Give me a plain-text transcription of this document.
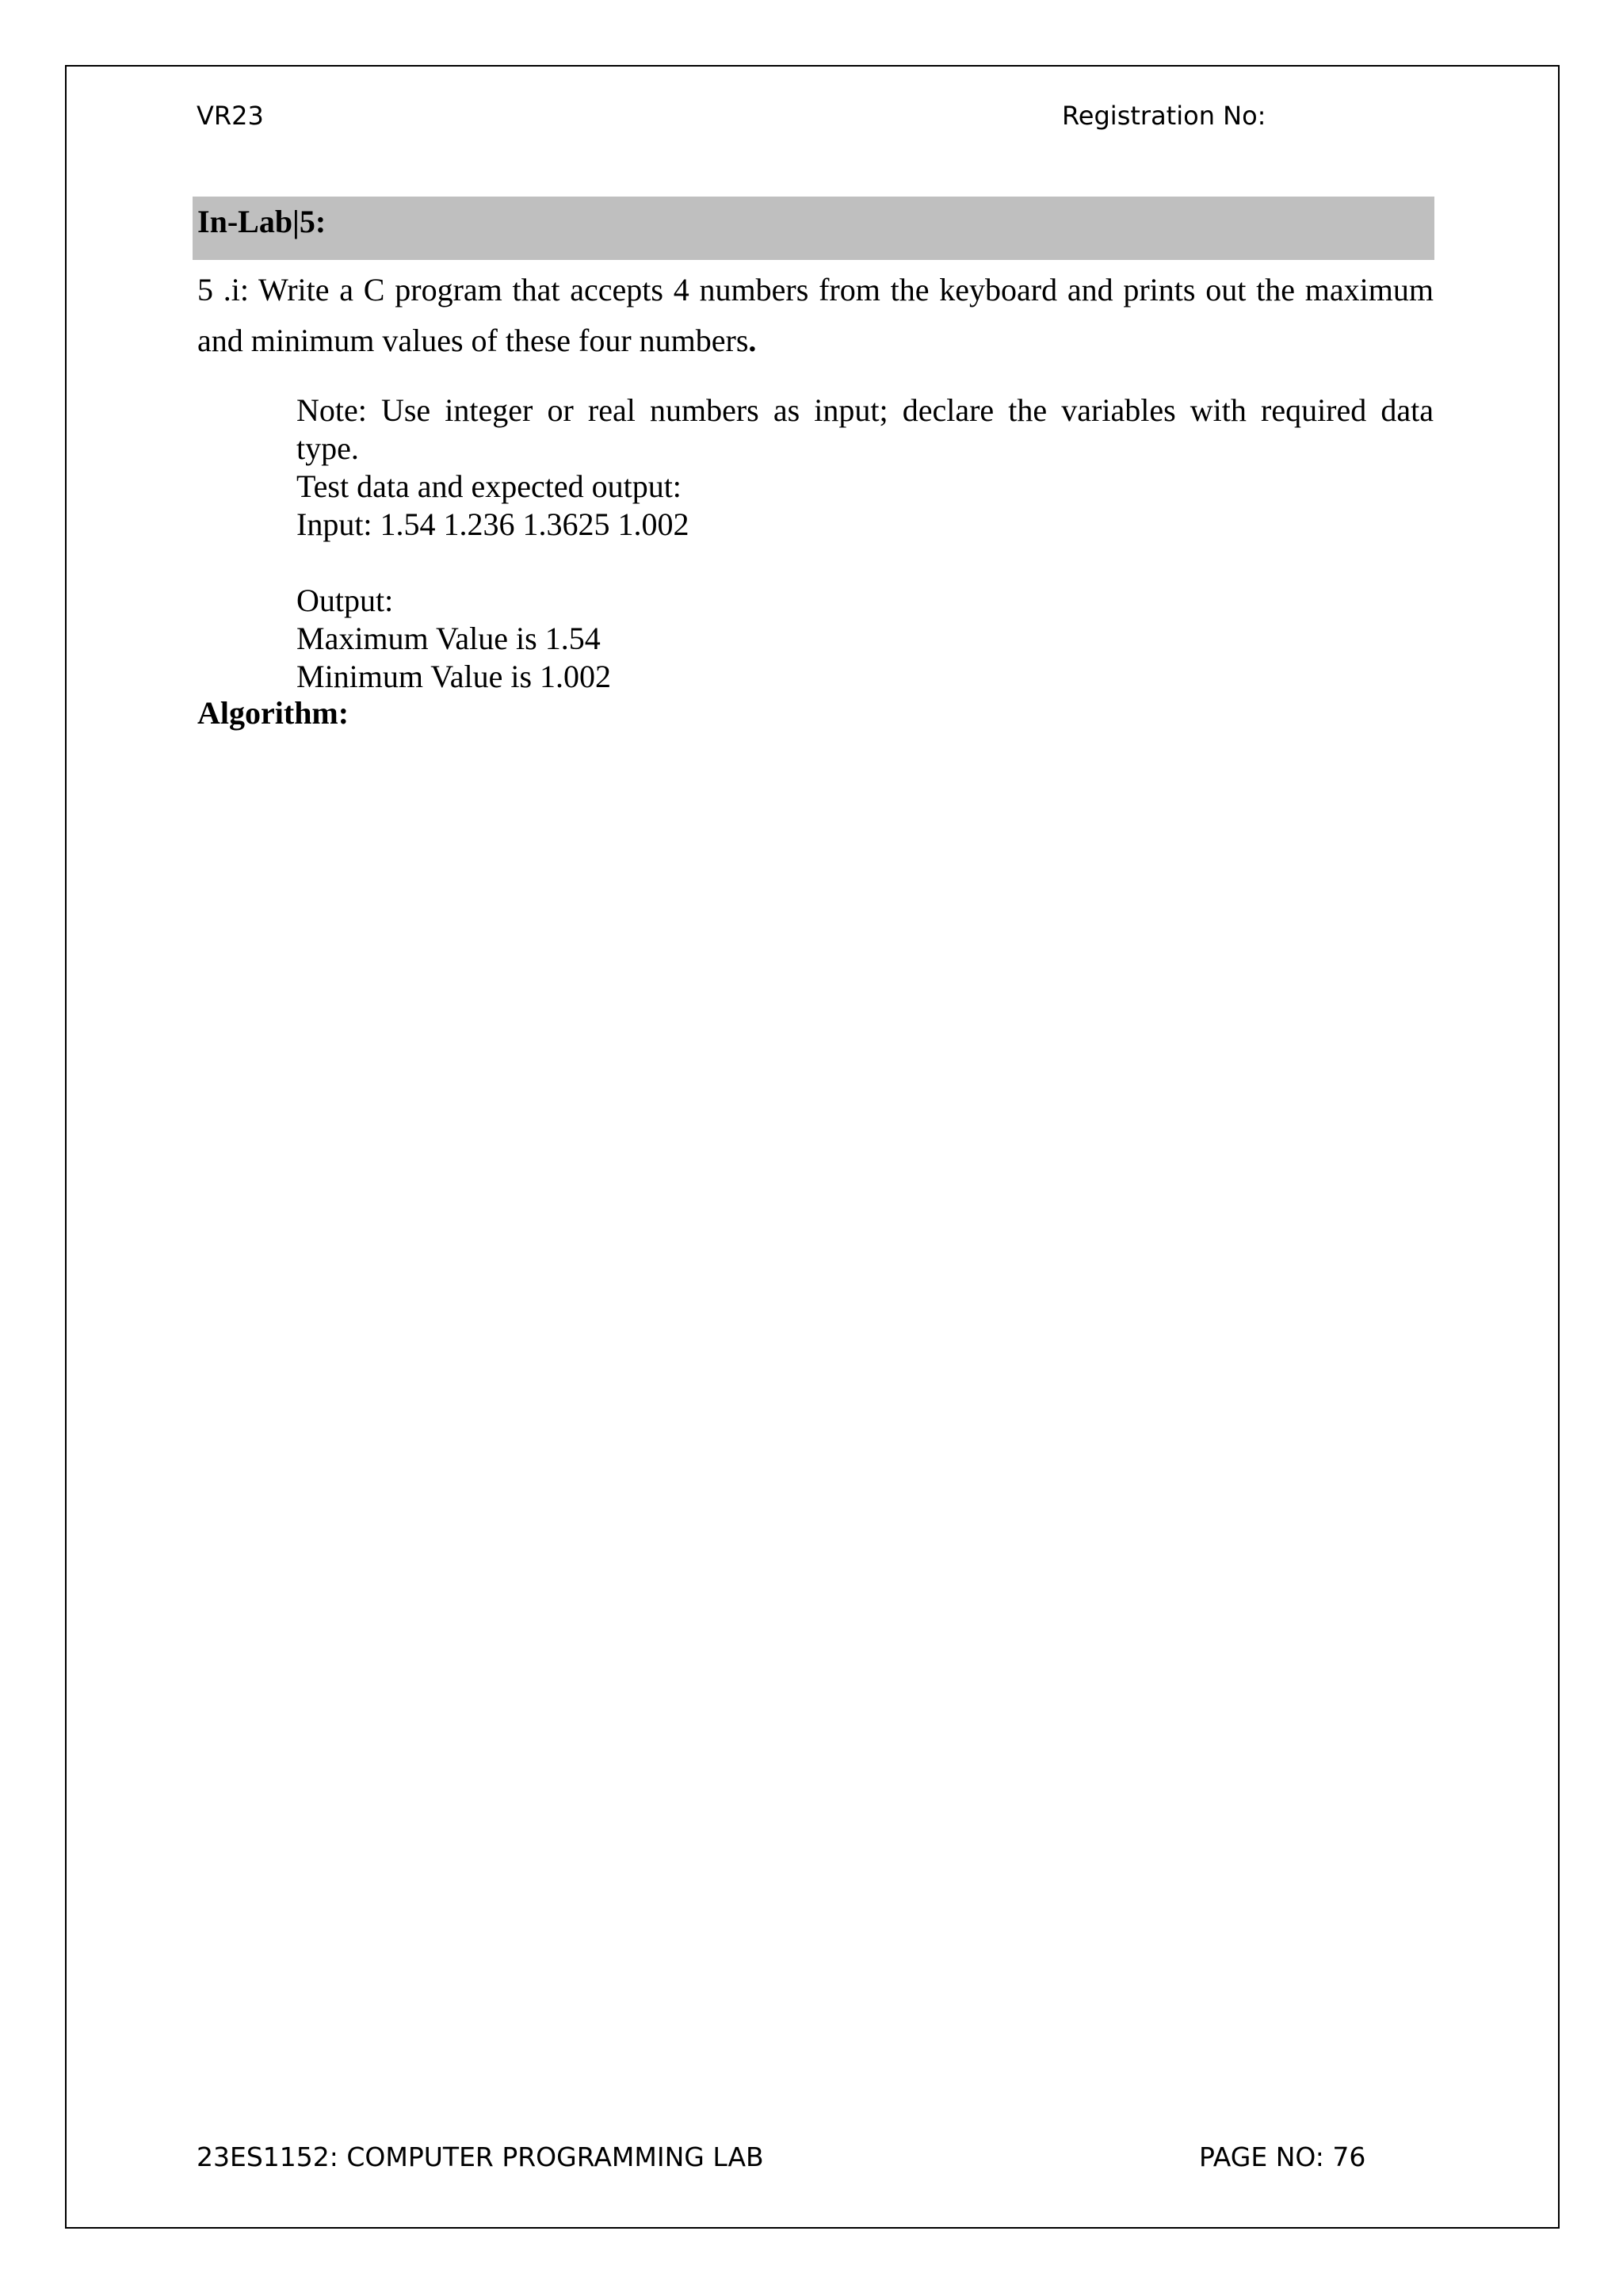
VR23	Registration No:
In-Lab|5:
5 .i: Write a C program that accepts 4 numbers from the keyboard and prints out the maximum and minimum values of these four numbers.
Note: Use integer or real numbers as input; declare the variables with required data
type.
Test data and expected output:
Input: 1.54 1.236 1.3625 1.002
Output:
Maximum Value is 1.54
Minimum Value is 1.002
Algorithm:
23ES1152: COMPUTER PROGRAMMING LAB	PAGE NO: 76
